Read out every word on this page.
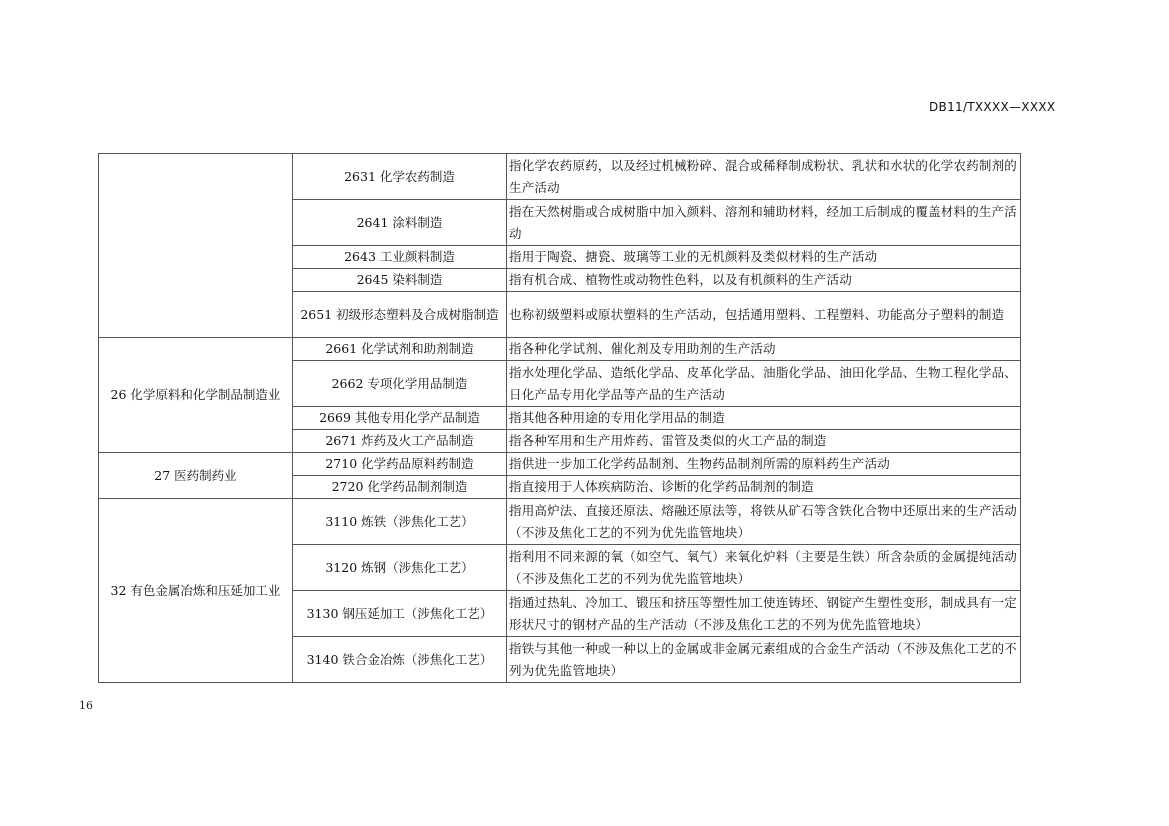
DB11/TXXXX—XXXX
	2631 化学农药制造	指化学农药原药，以及经过机械粉碎、混合或稀释制成粉状、乳状和水状的化学农药制剂的生产活动
	2641 涂料制造	指在天然树脂或合成树脂中加入颜料、溶剂和辅助材料，经加工后制成的覆盖材料的生产活动
	2643 工业颜料制造	指用于陶瓷、搪瓷、玻璃等工业的无机颜料及类似材料的生产活动
	2645 染料制造	指有机合成、植物性或动物性色料，以及有机颜料的生产活动
	2651 初级形态塑料及合成树脂制造	也称初级塑料或原状塑料的生产活动，包括通用塑料、工程塑料、功能高分子塑料的制造
26 化学原料和化学制品制造业	2661 化学试剂和助剂制造	指各种化学试剂、催化剂及专用助剂的生产活动
	2662 专项化学用品制造	指水处理化学品、造纸化学品、皮革化学品、油脂化学品、油田化学品、生物工程化学品、日化产品专用化学品等产品的生产活动
	2669 其他专用化学产品制造	指其他各种用途的专用化学用品的制造
	2671 炸药及火工产品制造	指各种军用和生产用炸药、雷管及类似的火工产品的制造
27 医药制药业	2710 化学药品原料药制造	指供进一步加工化学药品制剂、生物药品制剂所需的原料药生产活动
	2720 化学药品制剂制造	指直接用于人体疾病防治、诊断的化学药品制剂的制造
32 有色金属冶炼和压延加工业	3110 炼铁（涉焦化工艺）	指用高炉法、直接还原法、熔融还原法等，将铁从矿石等含铁化合物中还原出来的生产活动（不涉及焦化工艺的不列为优先监管地块）
	3120 炼钢（涉焦化工艺）	指利用不同来源的氧（如空气、氧气）来氧化炉料（主要是生铁）所含杂质的金属提纯活动（不涉及焦化工艺的不列为优先监管地块）
	3130 钢压延加工（涉焦化工艺）	指通过热轧、冷加工、锻压和挤压等塑性加工使连铸坯、钢锭产生塑性变形，制成具有一定形状尺寸的钢材产品的生产活动（不涉及焦化工艺的不列为优先监管地块）
	3140 铁合金冶炼（涉焦化工艺）	指铁与其他一种或一种以上的金属或非金属元素组成的合金生产活动（不涉及焦化工艺的不列为优先监管地块）
16
